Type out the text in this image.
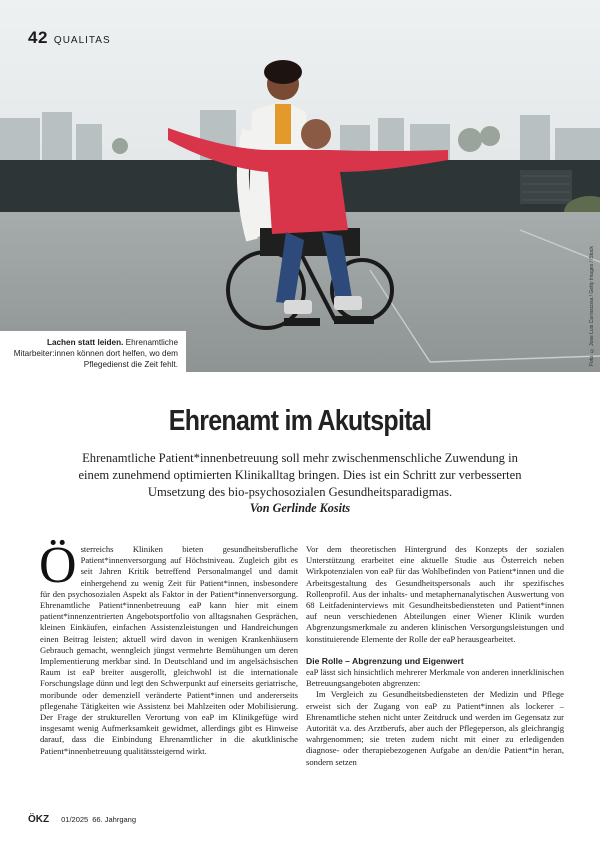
42 QUALITAS
Lachen statt leiden. Ehrenamtliche Mitarbeiter:innen können dort helfen, wo dem Pflegedienst die Zeit fehlt.	Foto: © Jose Luis Carrascosa / Getty Images / iStock
Ehrenamt im Akutspital
Ehrenamtliche Patient*innenbetreuung soll mehr zwischenmenschliche Zuwendung in einem zunehmend optimierten Klinikalltag bringen. Dies ist ein Schritt zur verbesserten Umsetzung des bio-psychosozialen Gesundheitsparadigmas.
Von Gerlinde Kosits

Österreichs Kliniken bieten gesundheitsberufliche Patient*innenversorgung auf Höchstniveau. Zugleich gibt es seit Jahren Kritik betreffend Personalmangel und damit einhergehend zu wenig Zeit für Patient*innen, insbesondere für den psychosozialen Aspekt als Faktor in der Patient*innenversorgung. Ehrenamtliche Patient*innenbetreuung eaP kann hier mit einem patient*innenzentrierten Angebotsportfolio von alltagsnahen Gesprächen, kleinen Einkäufen, einfachen Assistenzleistungen und Handreichungen einen Beitrag leisten; aktuell wird davon in wenigen Krankenhäusern Gebrauch gemacht, wenngleich jüngst vermehrte Bemühungen um deren Implementierung merkbar sind. In Deutschland und im angelsächsischen Raum ist eaP breiter ausgerollt, gleichwohl ist die internationale Forschungslage dünn und legt den Schwerpunkt auf einerseits geriatrische, moribunde oder demenziell veränderte Patient*innen und andererseits pflegenahe Tätigkeiten wie Assistenz bei Mahlzeiten oder Mobilisierung. Der Frage der strukturellen Verortung von eaP im Klinikgefüge wird insgesamt wenig Aufmerksamkeit gewidmet, allerdings gibt es Hinweise darauf, dass die Einbindung Ehrenamtlicher in die akutklinische Patient*innenbetreuung qualitätssteigernd wirkt.

Vor dem theoretischen Hintergrund des Konzepts der sozialen Unterstützung erarbeitet eine aktuelle Studie aus Österreich neben Wirkpotenzialen von eaP für das Wohlbefinden von Patient*innen und die Arbeitsgestaltung des Gesundheitspersonals auch ihr spezifisches Rollenprofil. Aus der inhalts- und metaphernanalytischen Auswertung von 68 Leitfadeninterviews mit Gesundheitsbediensteten und Patient*innen auf neun verschiedenen Abteilungen einer Wiener Klinik wurden Abgrenzungsmerkmale zu anderen klinischen Versorgungsleistungen und konstituierende Elemente der Rolle der eaP herausgearbeitet.

Die Rolle – Abgrenzung und Eigenwert

eaP lässt sich hinsichtlich mehrerer Merkmale von anderen innerklinischen Betreuungsangeboten abgrenzen:

Im Vergleich zu Gesundheitsbediensteten der Medizin und Pflege erweist sich der Zugang von eaP zu Patient*innen als lockerer – Ehrenamtliche stehen nicht unter Zeitdruck und werden im Gegensatz zur Autorität v.a. des Arztberufs, aber auch der Pflegeperson, als gleichrangig wahrgenommen; sie treten zudem nicht mit einer zu erledigenden diagnose- oder therapiebezogenen Aufgabe an den/die Patient*in heran, sondern setzen

ÖKZ 01/2025 66. Jahrgang
